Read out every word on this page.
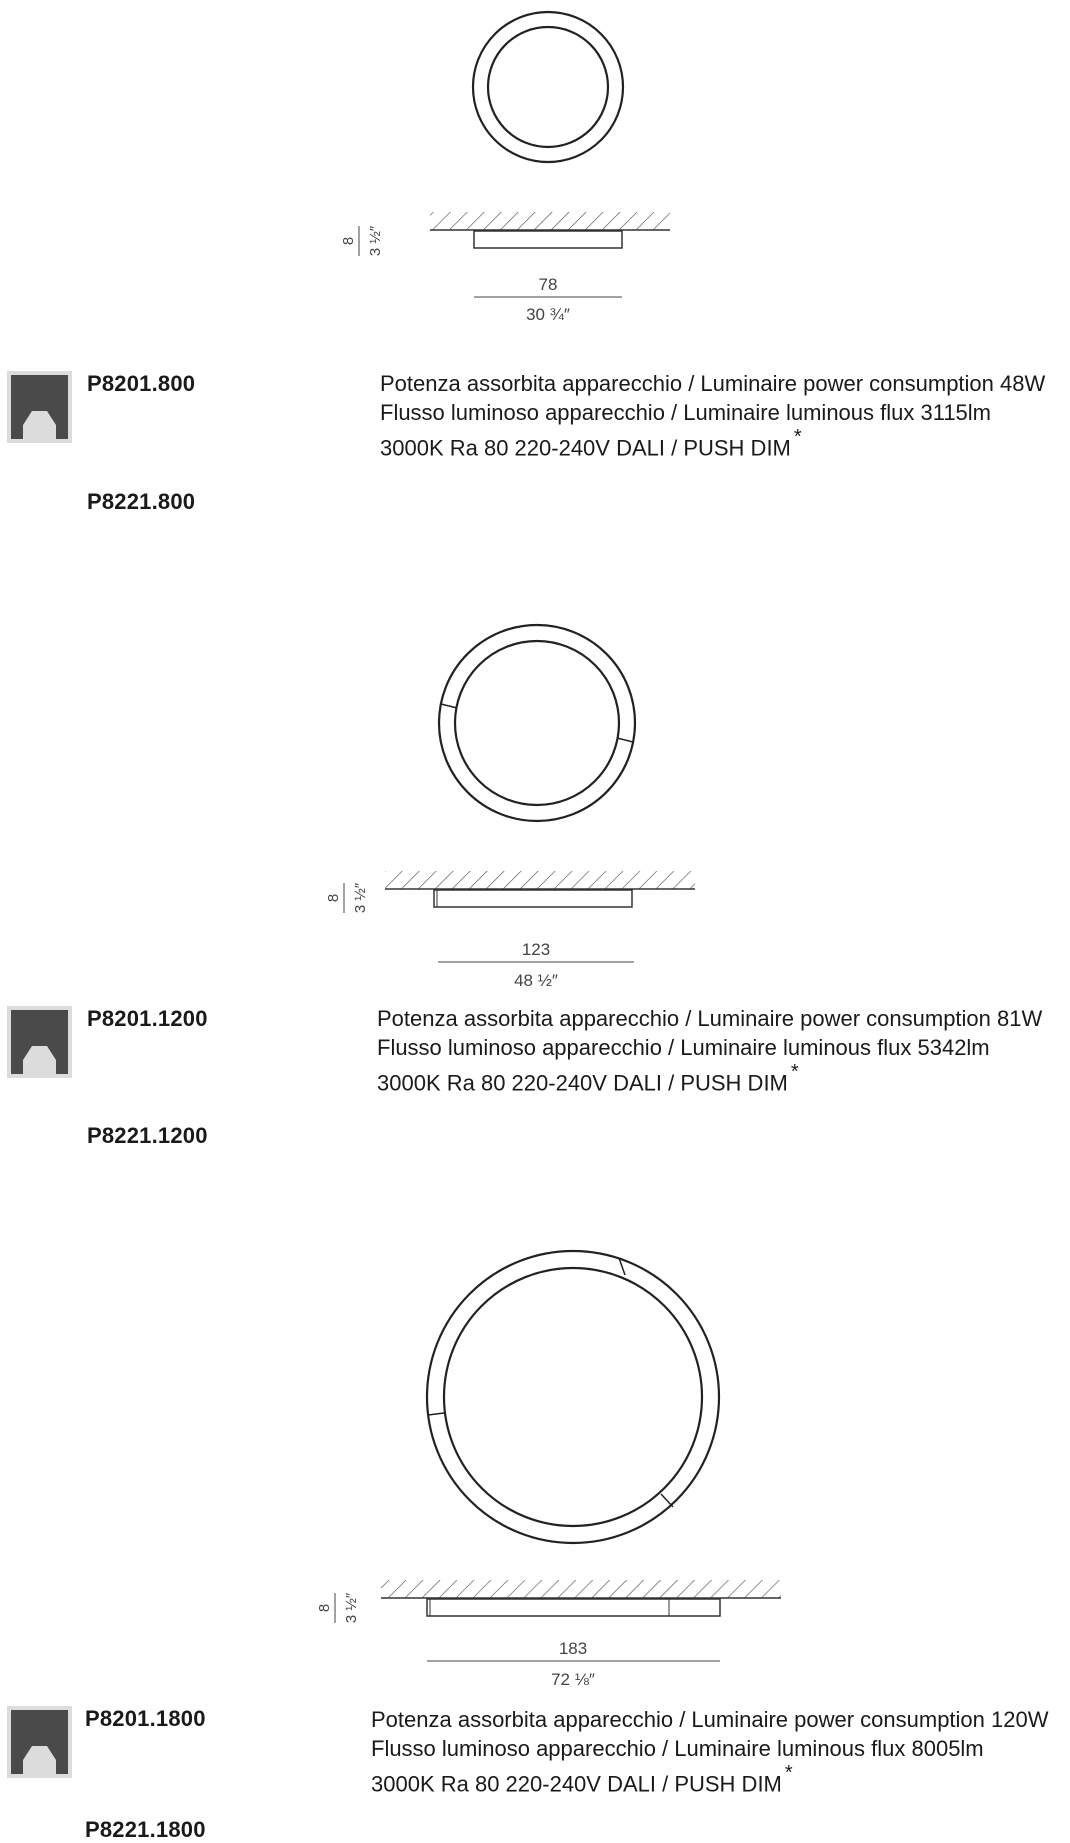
8 3 ½″
78
30 ¾″
8 3 ½″
123
48 ½″
8 3 ½″
183
72 ⅛″
P8201.800	Potenza assorbita apparecchio / Luminaire power consumption 48W
Flusso luminoso apparecchio / Luminaire luminous flux 3115lm
3000K Ra 80 220-240V DALI / PUSH DIM *
P8221.800
P8201.1200	Potenza assorbita apparecchio / Luminaire power consumption 81W
Flusso luminoso apparecchio / Luminaire luminous flux 5342lm
3000K Ra 80 220-240V DALI / PUSH DIM *
P8221.1200
P8201.1800	Potenza assorbita apparecchio / Luminaire power consumption 120W
Flusso luminoso apparecchio / Luminaire luminous flux 8005lm
3000K Ra 80 220-240V DALI / PUSH DIM *
P8221.1800
